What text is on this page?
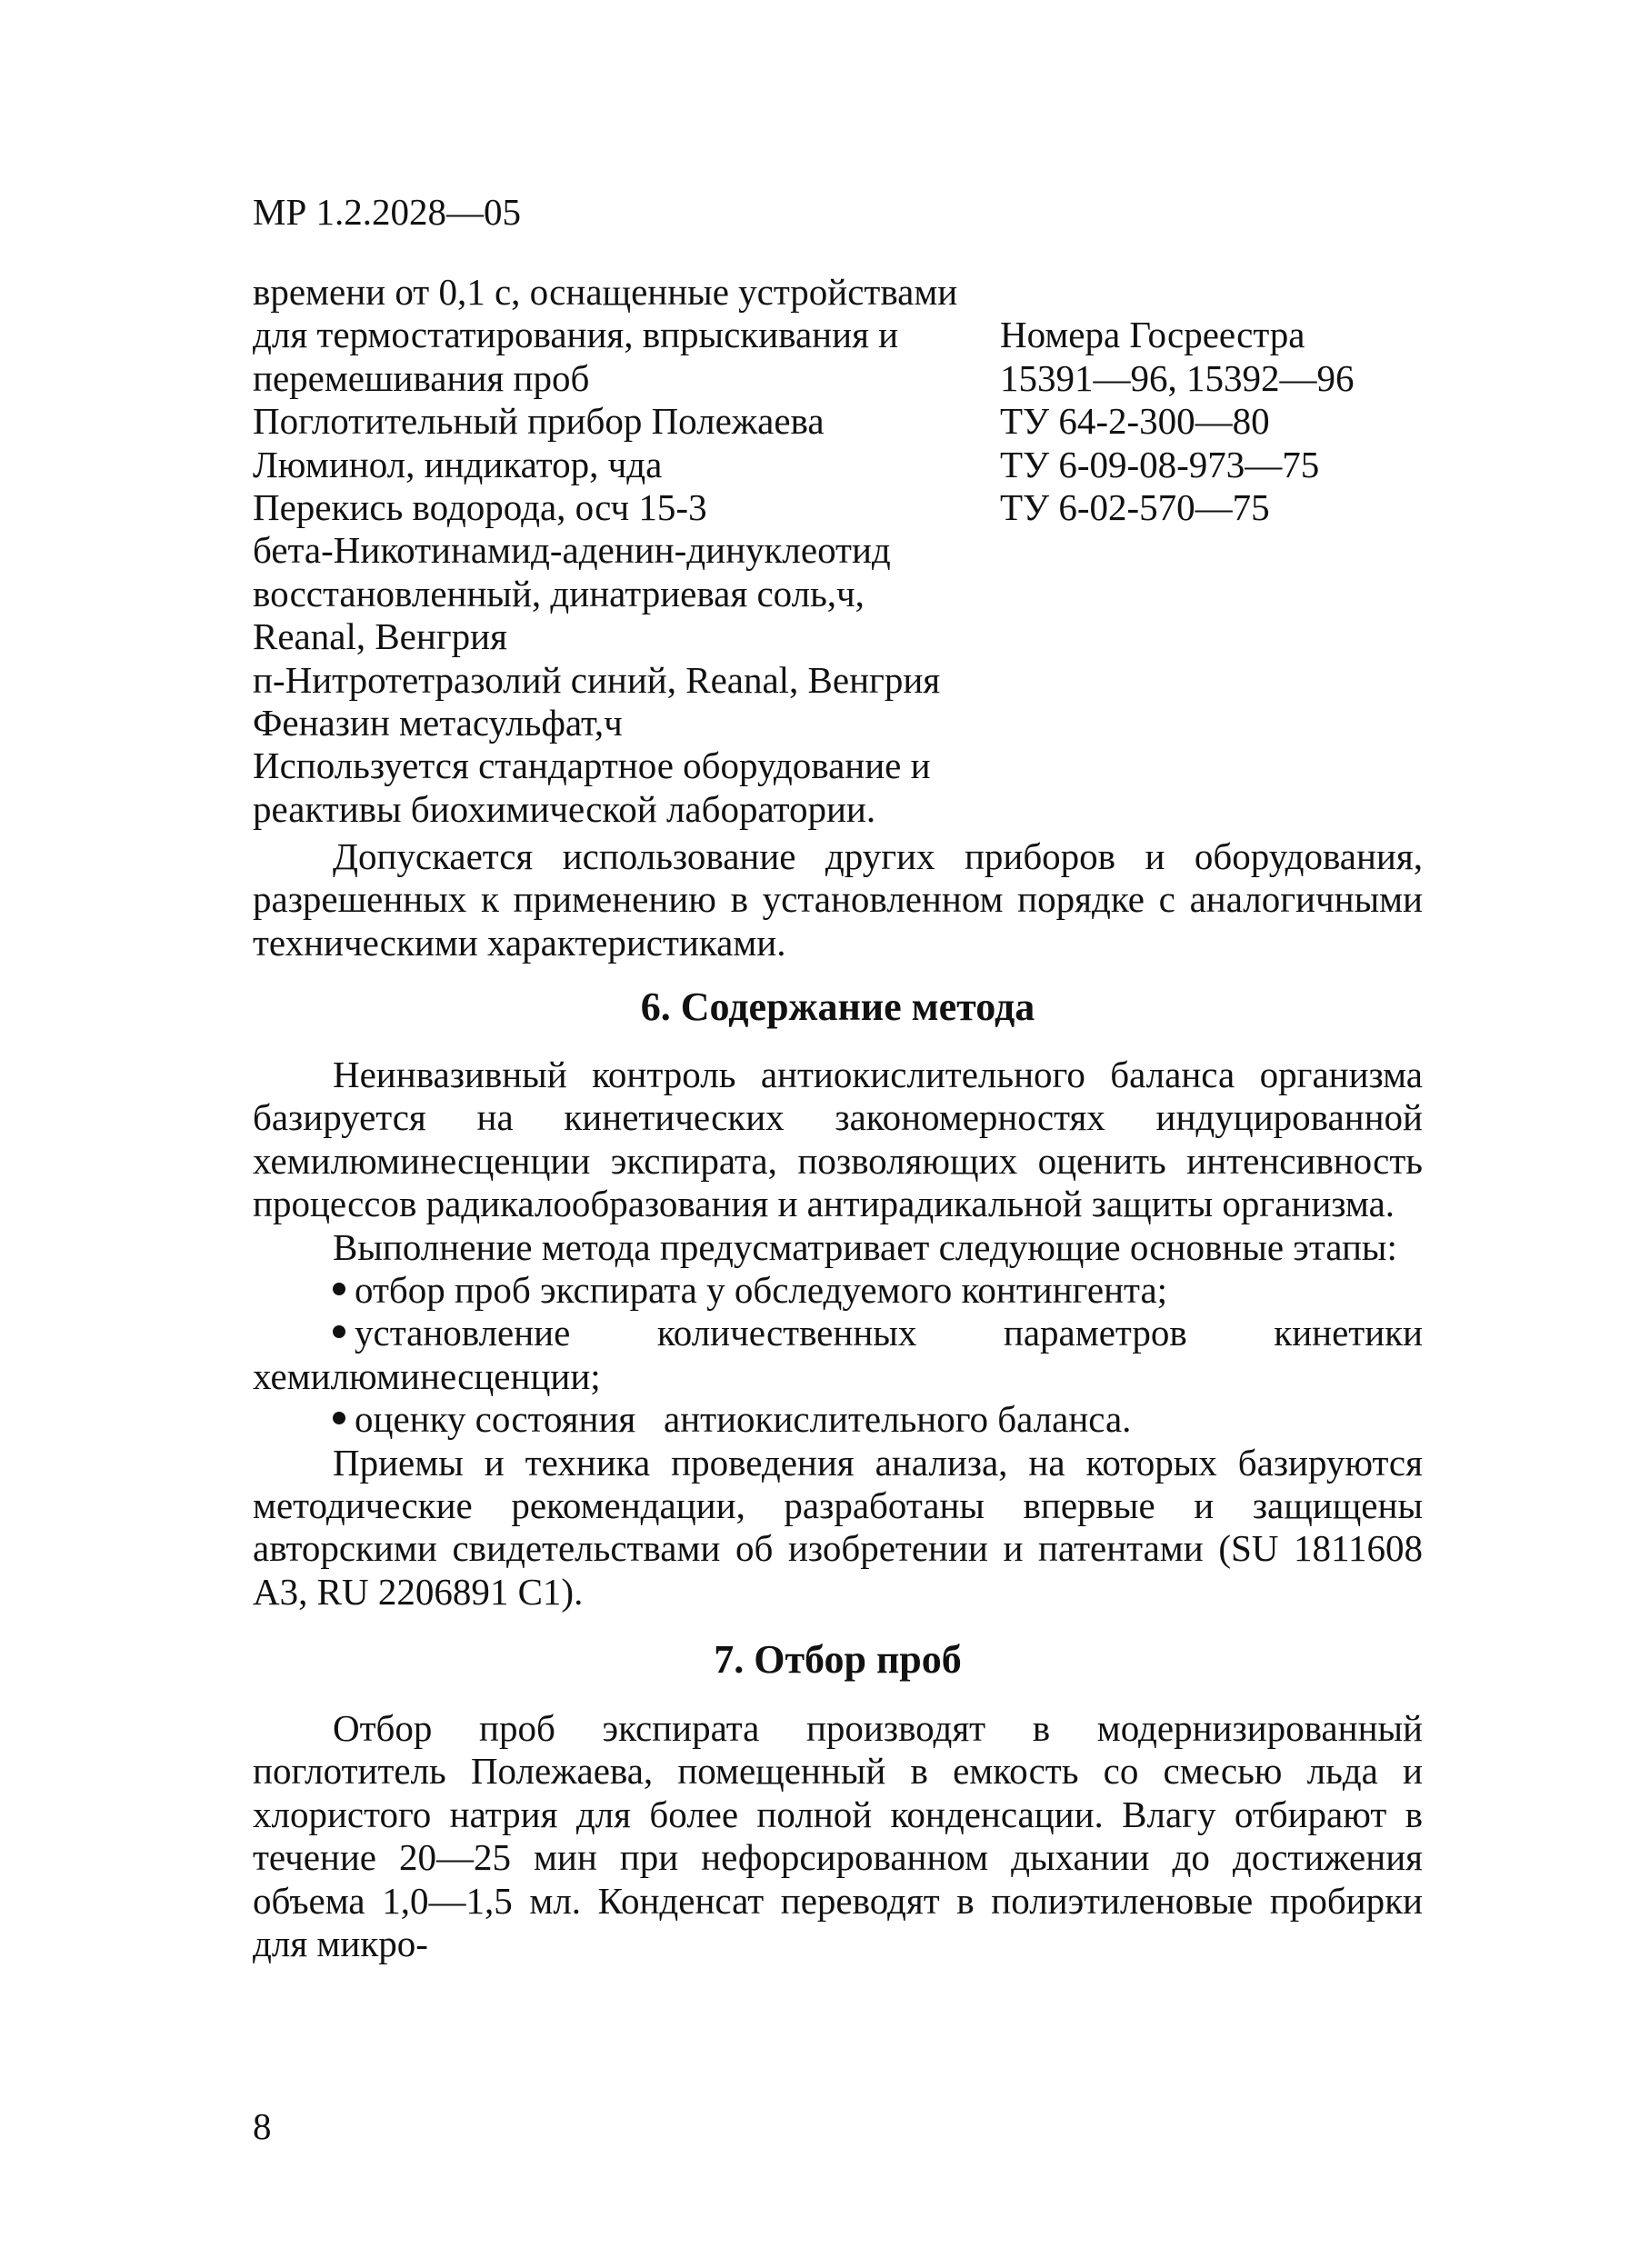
МР 1.2.2028—05
времени от 0,1 с, оснащенные устройствами
для термостатирования, впрыскивания и
перемешивания проб
Поглотительный прибор Полежаева
Люминол, индикатор, чда
Перекись водорода, осч 15-3
бета-Никотинамид-аденин-динуклеотид
восстановленный, динатриевая соль,ч,
Reanal, Венгрия
п-Нитротетразолий синий, Reanal, Венгрия
Феназин метасульфат,ч
Используется стандартное оборудование и
реактивы биохимической лаборатории.
Номера Госреестра
15391—96, 15392—96
ТУ 64-2-300—80
ТУ 6-09-08-973—75
ТУ 6-02-570—75

Допускается использование других приборов и оборудования, разрешенных к применению в установленном порядке с аналогичными техническими характеристиками.

6. Содержание метода

Неинвазивный контроль антиокислительного баланса организма базируется на кинетических закономерностях индуцированной хемилюминесценции экспирата, позволяющих оценить интенсивность процессов радикалообразования и антирадикальной защиты организма.

Выполнение метода предусматривает следующие основные этапы:

отбор проб экспирата у обследуемого контингента;
установление количественных параметров кинетики хемилюминесценции;
оценку состояния   антиокислительного баланса.

Приемы и техника проведения анализа, на которых базируются методические рекомендации, разработаны впервые и защищены авторскими свидетельствами об изобретении и патентами (SU 1811608 А3, RU 2206891 С1).

7. Отбор проб

Отбор проб экспирата производят в модернизированный поглотитель Полежаева, помещенный в емкость со смесью льда и хлористого натрия для более полной конденсации. Влагу отбирают в течение 20—25 мин при нефорсированном дыхании до достижения объема 1,0—1,5 мл. Конденсат переводят в полиэтиленовые пробирки для микро-

8
